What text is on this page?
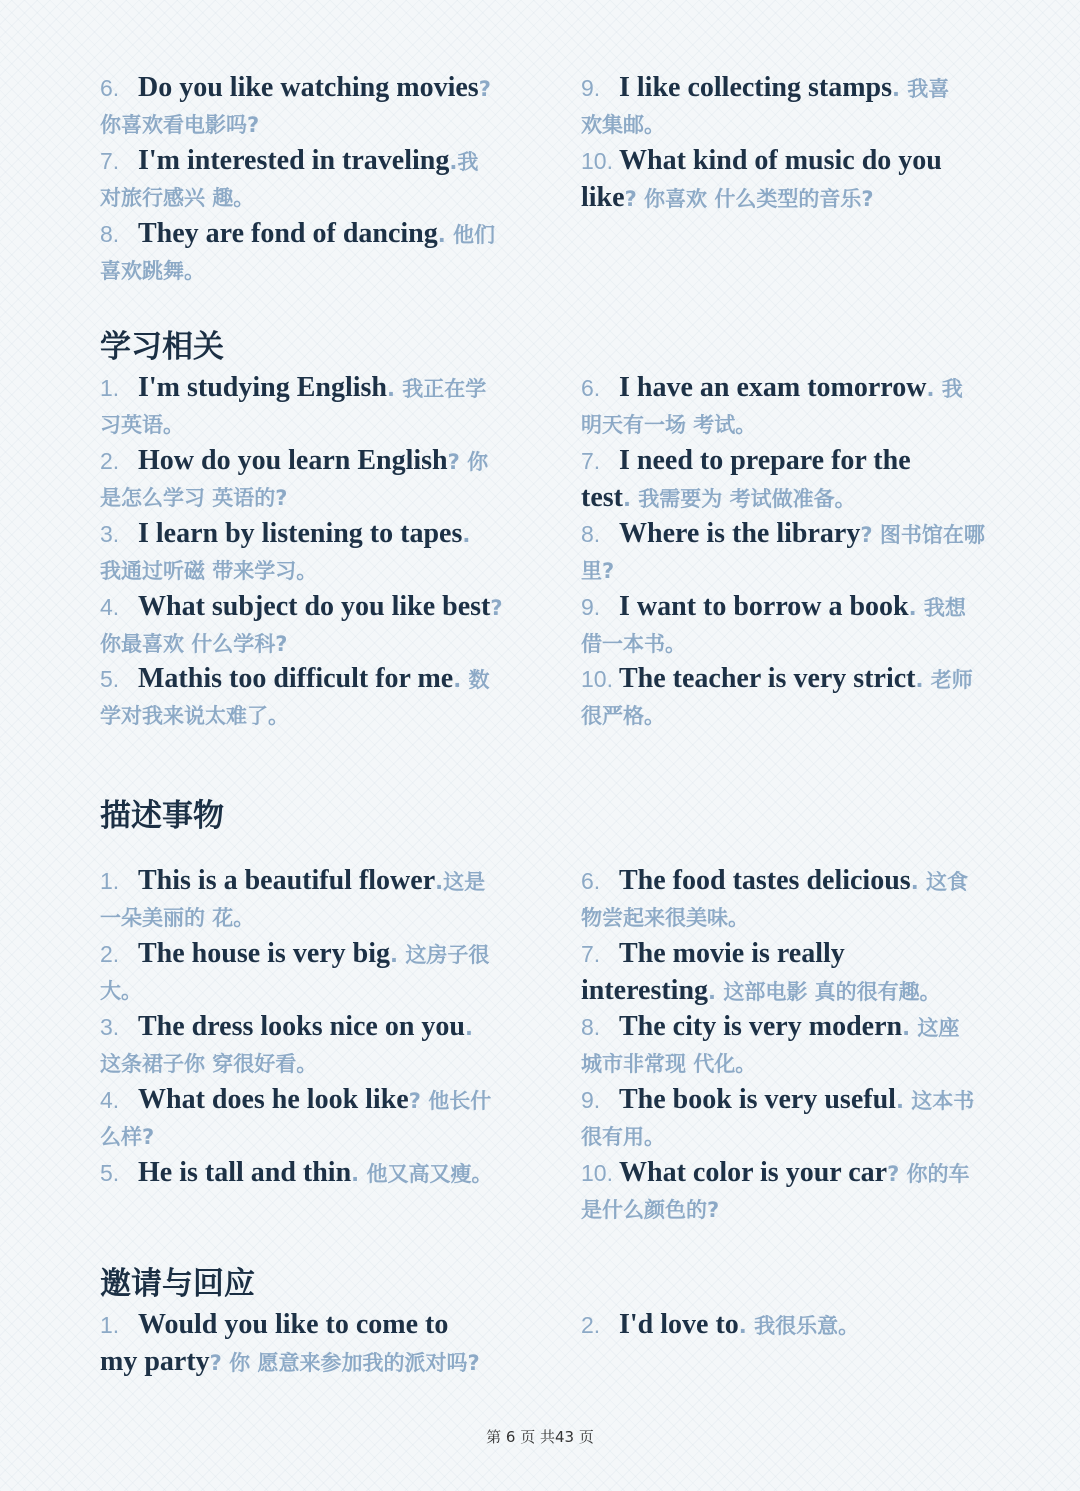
6. Do you like watching movies?
你喜欢看电影吗?
7. I'm interested in traveling.我
对旅行感兴 趣。
8. They are fond of dancing. 他们
喜欢跳舞。
9. I like collecting stamps. 我喜
欢集邮。
10. What kind of music do you
like? 你喜欢 什么类型的音乐?
学习相关
1. I'm studying English. 我正在学
习英语。
2. How do you learn English? 你
是怎么学习 英语的?
3. I learn by listening to tapes.
我通过听磁 带来学习。
4. What subject do you like best?
你最喜欢 什么学科?
5. Mathis too difficult for me. 数
学对我来说太难了。
6. I have an exam tomorrow. 我
明天有一场 考试。
7. I need to prepare for the
test. 我需要为 考试做准备。
8. Where is the library? 图书馆在哪
里?
9. I want to borrow a book. 我想
借一本书。
10. The teacher is very strict. 老师
很严格。
描述事物
1. This is a beautiful flower.这是
一朵美丽的 花。
2. The house is very big. 这房子很
大。
3. The dress looks nice on you.
这条裙子你 穿很好看。
4. What does he look like? 他长什
么样?
5. He is tall and thin. 他又高又瘦。
6. The food tastes delicious. 这食
物尝起来很美味。
7. The movie is really
interesting. 这部电影 真的很有趣。
8. The city is very modern. 这座
城市非常现 代化。
9. The book is very useful. 这本书
很有用。
10. What color is your car? 你的车
是什么颜色的?
邀请与回应
1. Would you like to come to
my party? 你 愿意来参加我的派对吗?
2. I'd love to. 我很乐意。
第 6 页 共43 页
